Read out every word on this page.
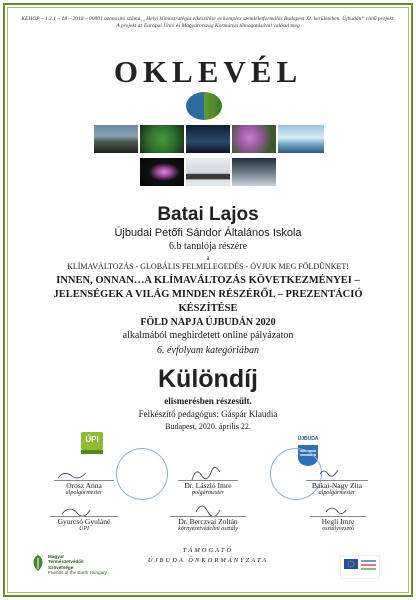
KEHOP – 1.2.1 – 18 – 2018 – 00001 azonosító számú, „Helyi klímastratégia elkészítése és komplex szemléletformálás Budapest XI. kerületében. Újbudán” című projekt.
A projekt az Európai Unió és Magyarország Kormánya támogatásával valósul meg
OKLEVÉL
Batai Lajos
Újbudai Petőfi Sándor Általános Iskola
6.b tanulója részére
a
KLÍMAVÁLTOZÁS - GLOBÁLIS FELMELEGEDÉS - ÓVJUK MEG FÖLDÜNKET!
INNEN, ONNAN…A KLÍMAVÁLTOZÁS KÖVETKEZMÉNYEI –
JELENSÉGEK A VILÁG MINDEN RÉSZÉRŐL – PREZENTÁCIÓ
KÉSZÍTÉSE
FÖLD NAPJA ÚJBUDÁN 2020
alkalmából meghirdetett online pályázaton
6. évfolyam kategóriában
Különdíj
elismerésben részesült.
Felkészítő pedagógus: Gáspár Klaudia
Budapest, 2020. április 22.
ÚPI	ÚJBUDA
Orosz Anna
alpolgármester
Dr. László Imre
polgármester
Bakai-Nagy Zita
alpolgármester
Gyurcsó Gyuláné
ÚPI
Dr. Berczvai Zoltán
környezetvédelmi osztály
Hegli Imre
osztályvezető
Magyar
Természetvédők
Szövetsége
Friends of the Earth Hungary
TÁMOGATÓ
ÚJBUDA ÖNKORMÁNYZATA
